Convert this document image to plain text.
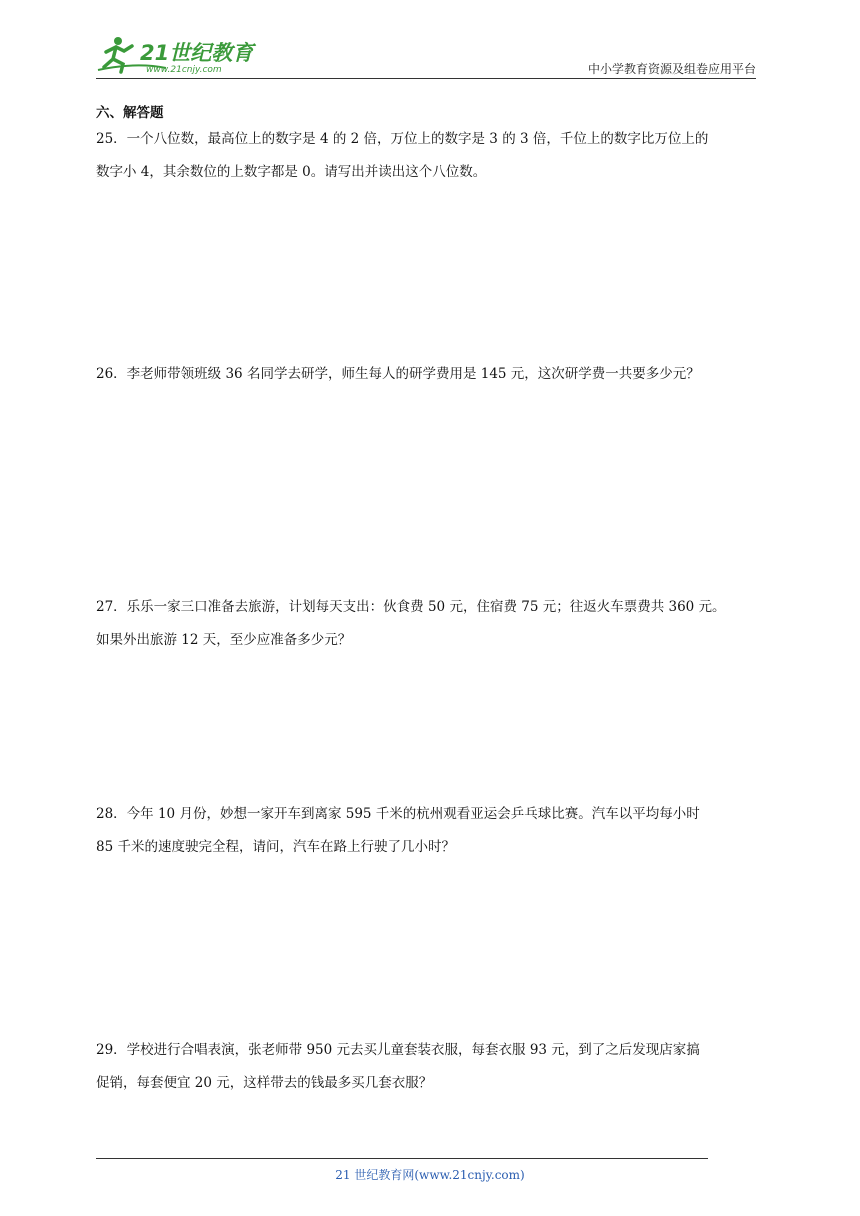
21世纪教育
www.21cnjy.com	中小学教育资源及组卷应用平台
六、解答题
25．一个八位数，最高位上的数字是 4 的 2 倍，万位上的数字是 3 的 3 倍，千位上的数字比万位上的
数字小 4，其余数位的上数字都是 0。请写出并读出这个八位数。
26．李老师带领班级 36 名同学去研学，师生每人的研学费用是 145 元，这次研学费一共要多少元？
27．乐乐一家三口准备去旅游，计划每天支出：伙食费 50 元，住宿费 75 元；往返火车票费共 360 元。
如果外出旅游 12 天，至少应准备多少元？
28．今年 10 月份，妙想一家开车到离家 595 千米的杭州观看亚运会乒乓球比赛。汽车以平均每小时
85 千米的速度驶完全程，请问，汽车在路上行驶了几小时？
29．学校进行合唱表演，张老师带 950 元去买儿童套装衣服，每套衣服 93 元，到了之后发现店家搞
促销，每套便宜 20 元，这样带去的钱最多买几套衣服？
21 世纪教育网(www.21cnjy.com)
